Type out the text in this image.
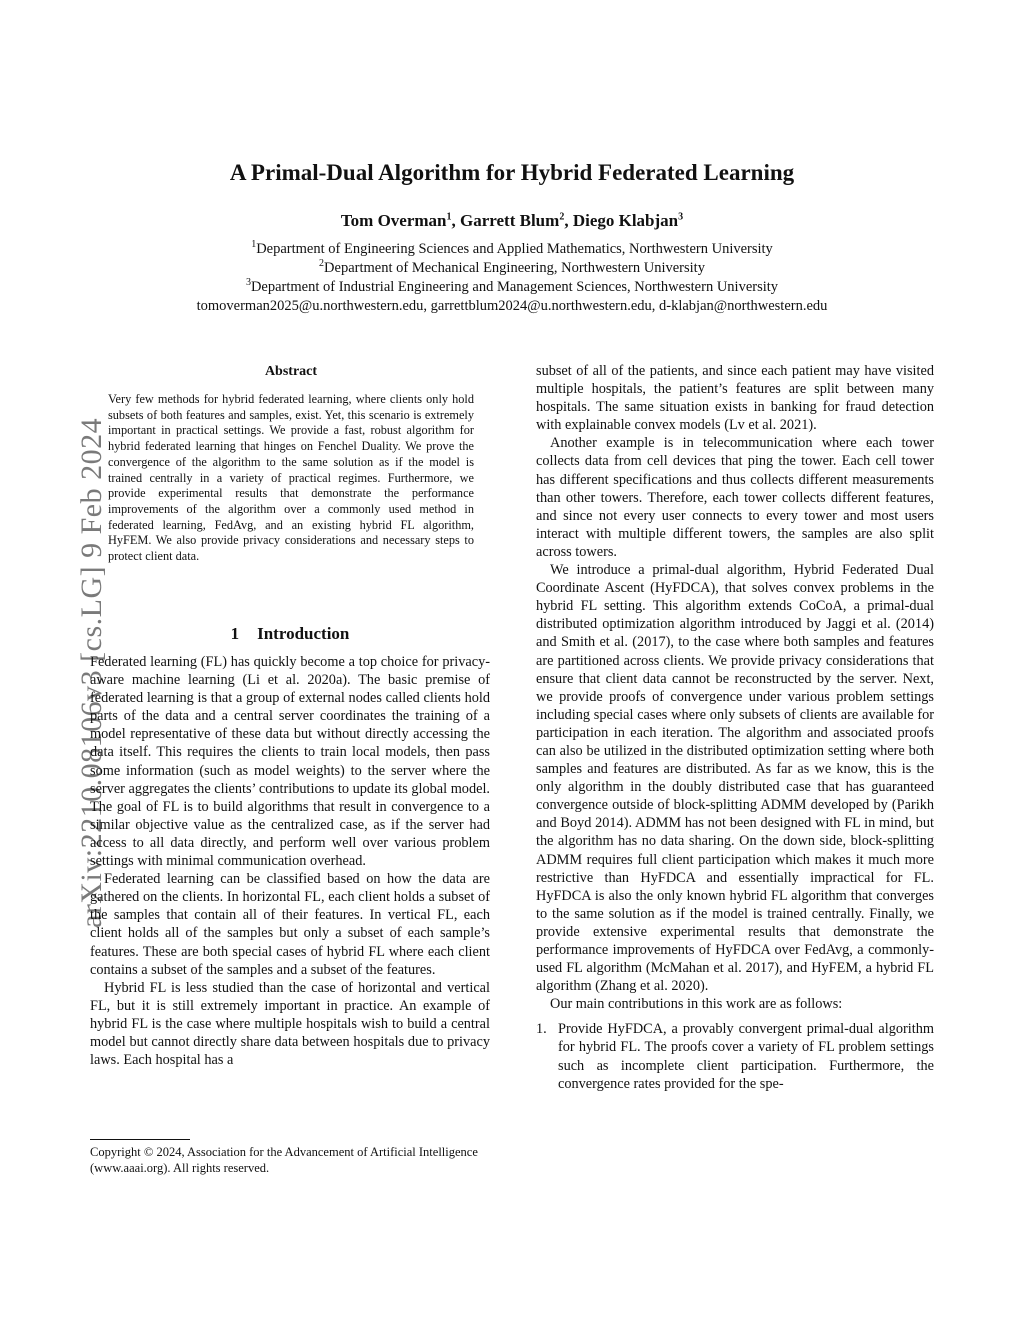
arXiv:2210.08106v3 [cs.LG] 9 Feb 2024
A Primal-Dual Algorithm for Hybrid Federated Learning
Tom Overman$^1$, Garrett Blum$^2$, Diego Klabjan$^3$
$^1$Department of Engineering Sciences and Applied Mathematics, Northwestern University
$^2$Department of Mechanical Engineering, Northwestern University
$^3$Department of Industrial Engineering and Management Sciences, Northwestern University
tomoverman2025@u.northwestern.edu, garrettblum2024@u.northwestern.edu, d-klabjan@northwestern.edu
Abstract
Very few methods for hybrid federated learning, where clients only hold subsets of both features and samples, exist. Yet, this scenario is extremely important in practical settings. We provide a fast, robust algorithm for hybrid federated learning that hinges on Fenchel Duality. We prove the convergence of the algorithm to the same solution as if the model is trained centrally in a variety of practical regimes. Furthermore, we provide experimental results that demonstrate the performance improvements of the algorithm over a commonly used method in federated learning, FedAvg, and an existing hybrid FL algorithm, HyFEM. We also provide privacy considerations and necessary steps to protect client data.
1 Introduction

Federated learning (FL) has quickly become a top choice for privacy-aware machine learning (Li et al. 2020a). The basic premise of federated learning is that a group of external nodes called clients hold parts of the data and a central server coordinates the training of a model representative of these data but without directly accessing the data itself. This requires the clients to train local models, then pass some information (such as model weights) to the server where the server aggregates the clients’ contributions to update its global model. The goal of FL is to build algorithms that result in convergence to a similar objective value as the centralized case, as if the server had access to all data directly, and perform well over various problem settings with minimal communication overhead.

Federated learning can be classified based on how the data are gathered on the clients. In horizontal FL, each client holds a subset of the samples that contain all of their features. In vertical FL, each client holds all of the samples but only a subset of each sample’s features. These are both special cases of hybrid FL where each client contains a subset of the samples and a subset of the features.

Hybrid FL is less studied than the case of horizontal and vertical FL, but it is still extremely important in practice. An example of hybrid FL is the case where multiple hospitals wish to build a central model but cannot directly share data between hospitals due to privacy laws. Each hospital has a

Copyright © 2024, Association for the Advancement of Artificial Intelligence (www.aaai.org). All rights reserved.

subset of all of the patients, and since each patient may have visited multiple hospitals, the patient’s features are split between many hospitals. The same situation exists in banking for fraud detection with explainable convex models (Lv et al. 2021).

Another example is in telecommunication where each tower collects data from cell devices that ping the tower. Each cell tower has different specifications and thus collects different measurements than other towers. Therefore, each tower collects different features, and since not every user connects to every tower and most users interact with multiple different towers, the samples are also split across towers.

We introduce a primal-dual algorithm, Hybrid Federated Dual Coordinate Ascent (HyFDCA), that solves convex problems in the hybrid FL setting. This algorithm extends CoCoA, a primal-dual distributed optimization algorithm introduced by Jaggi et al. (2014) and Smith et al. (2017), to the case where both samples and features are partitioned across clients. We provide privacy considerations that ensure that client data cannot be reconstructed by the server. Next, we provide proofs of convergence under various problem settings including special cases where only subsets of clients are available for participation in each iteration. The algorithm and associated proofs can also be utilized in the distributed optimization setting where both samples and features are distributed. As far as we know, this is the only algorithm in the doubly distributed case that has guaranteed convergence outside of block-splitting ADMM developed by (Parikh and Boyd 2014). ADMM has not been designed with FL in mind, but the algorithm has no data sharing. On the down side, block-splitting ADMM requires full client participation which makes it much more restrictive than HyFDCA and essentially impractical for FL. HyFDCA is also the only known hybrid FL algorithm that converges to the same solution as if the model is trained centrally. Finally, we provide extensive experimental results that demonstrate the performance improvements of HyFDCA over FedAvg, a commonly-used FL algorithm (McMahan et al. 2017), and HyFEM, a hybrid FL algorithm (Zhang et al. 2020).

Our main contributions in this work are as follows:

1. Provide HyFDCA, a provably convergent primal-dual algorithm for hybrid FL. The proofs cover a variety of FL problem settings such as incomplete client participation. Furthermore, the convergence rates provided for the spe-
